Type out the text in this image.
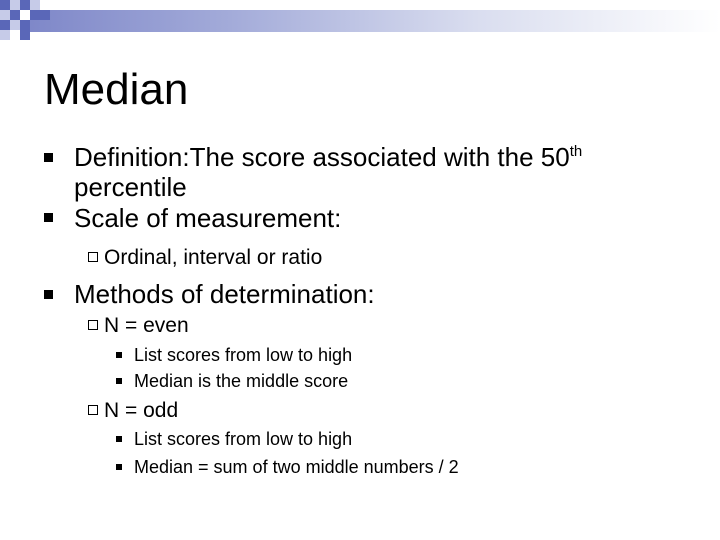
Median
Definition:The score associated with the 50th
percentile
Scale of measurement:
Ordinal, interval or ratio
Methods of determination:
N = even
List scores from low to high
Median is the middle score
N = odd
List scores from low to high
Median = sum of two middle numbers / 2
